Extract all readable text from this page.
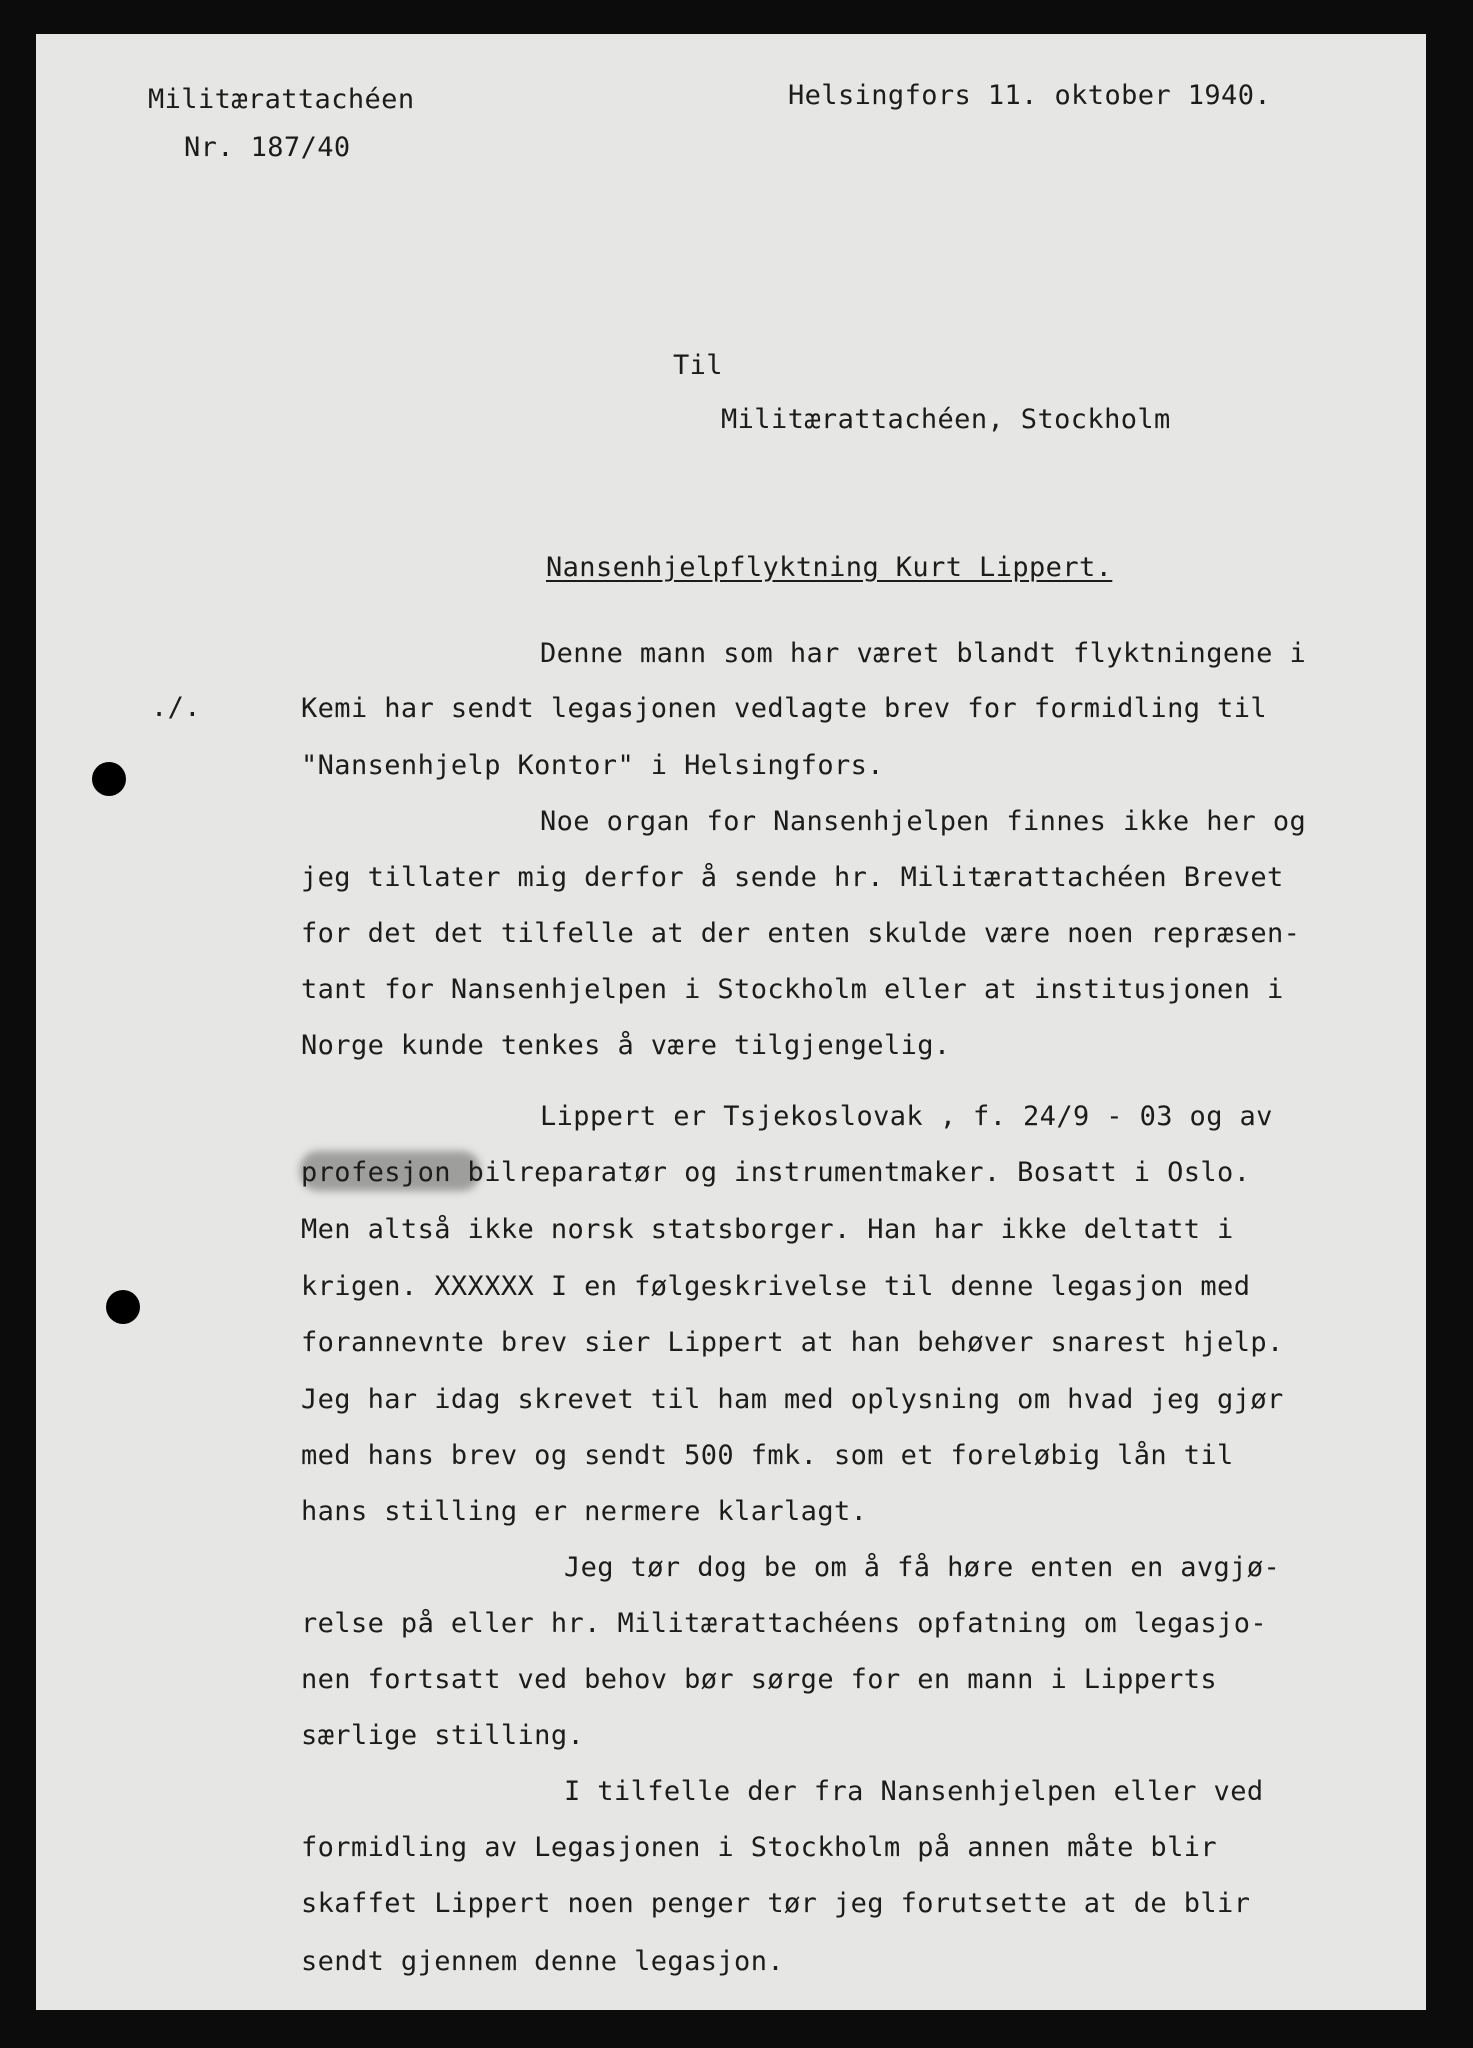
Militærattachéen
Nr. 187/40
Helsingfors 11. oktober 1940.
Til
Militærattachéen, Stockholm
Nansenhjelpflyktning Kurt Lippert.
./.
Denne mann som har været blandt flyktningene i
Kemi har sendt legasjonen vedlagte brev for formidling til
"Nansenhjelp Kontor" i Helsingfors.
Noe organ for Nansenhjelpen finnes ikke her og
jeg tillater mig derfor å sende hr. Militærattachéen Brevet
for det det tilfelle at der enten skulde være noen repræsen-
tant for Nansenhjelpen i Stockholm eller at institusjonen i
Norge kunde tenkes å være tilgjengelig.
Lippert er Tsjekoslovak , f. 24/9 - 03 og av
profesjon bilreparatør og instrumentmaker. Bosatt i Oslo.
Men altså ikke norsk statsborger. Han har ikke deltatt i
krigen. XXXXXX I en følgeskrivelse til denne legasjon med
forannevnte brev sier Lippert at han behøver snarest hjelp.
Jeg har idag skrevet til ham med oplysning om hvad jeg gjør
med hans brev og sendt 500 fmk. som et foreløbig lån til
hans stilling er nermere klarlagt.
Jeg tør dog be om å få høre enten en avgjø-
relse på eller hr. Militærattachéens opfatning om legasjo-
nen fortsatt ved behov bør sørge for en mann i Lipperts
særlige stilling.
I tilfelle der fra Nansenhjelpen eller ved
formidling av Legasjonen i Stockholm på annen måte blir
skaffet Lippert noen penger tør jeg forutsette at de blir
sendt gjennem denne legasjon.
